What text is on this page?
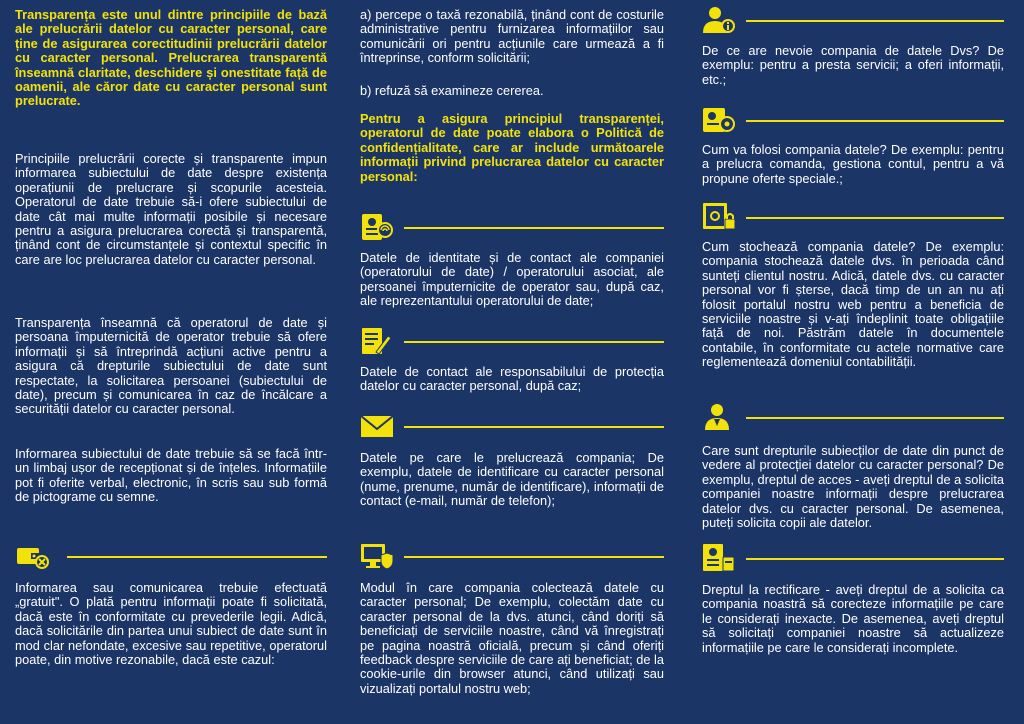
Transparența este unul dintre principiile de bază ale prelucrării datelor cu caracter personal, care ține de asigurarea corectitudinii prelucrării datelor cu caracter personal. Prelucrarea transparentă înseamnă claritate, deschidere și onestitate față de oamenii, ale căror date cu caracter personal sunt prelucrate.

Principiile prelucrării corecte și transparente impun informarea subiectului de date despre existența operațiunii de prelucrare și scopurile acesteia. Operatorul de date trebuie să-i ofere subiectului de date cât mai multe informații posibile și necesare pentru a asigura prelucrarea corectă și transparentă, ținând cont de circumstanțele și contextul specific în care are loc prelucrarea datelor cu caracter personal.

Transparența înseamnă că operatorul de date și persoana împuternicită de operator trebuie să ofere informații și să întreprindă acțiuni active pentru a asigura că drepturile subiectului de date sunt respectate, la solicitarea persoanei (subiectului de date), precum și comunicarea în caz de încălcare a securității datelor cu caracter personal.

Informarea subiectului de date trebuie să se facă într-un limbaj ușor de recepționat și de înțeles. Informațiile pot fi oferite verbal, electronic, în scris sau sub formă de pictograme cu semne.

Informarea sau comunicarea trebuie efectuată „gratuit". O plată pentru informații poate fi solicitată, dacă este în conformitate cu prevederile legii. Adică, dacă solicitările din partea unui subiect de date sunt în mod clar nefondate, excesive sau repetitive, operatorul poate, din motive rezonabile, dacă este cazul:

a) percepe o taxă rezonabilă, ținând cont de costurile administrative pentru furnizarea informațiilor sau comunicării ori pentru acțiunile care urmează a fi întreprinse, conform solicitării;

b) refuză să examineze cererea.

Pentru a asigura principiul transparenței, operatorul de date poate elabora o Politică de confidențialitate, care ar include următoarele informații privind prelucrarea datelor cu caracter personal:

Datele de identitate și de contact ale companiei (operatorului de date) / operatorului asociat, ale persoanei împuternicite de operator sau, după caz, ale reprezentantului operatorului de date;

Datele de contact ale responsabilului de protecția datelor cu caracter personal, după caz;

Datele pe care le prelucrează compania; De exemplu, datele de identificare cu caracter personal (nume, prenume, număr de identificare), informații de contact (e-mail, număr de telefon);

Modul în care compania colectează datele cu caracter personal; De exemplu, colectăm date cu caracter personal de la dvs. atunci, când doriți să beneficiați de serviciile noastre, când vă înregistrați pe pagina noastră oficială, precum și când oferiți feedback despre serviciile de care ați beneficiat; de la cookie-urile din browser atunci, când utilizați sau vizualizați portalul nostru web;

De ce are nevoie compania de datele Dvs? De exemplu: pentru a presta servicii; a oferi informații, etc.;

Cum va folosi compania datele? De exemplu: pentru a prelucra comanda, gestiona contul, pentru a vă propune oferte speciale.;

Cum stochează compania datele? De exemplu: compania stochează datele dvs. în perioada când sunteți clientul nostru. Adică, datele dvs. cu caracter personal vor fi șterse, dacă timp de un an nu ați folosit portalul nostru web pentru a beneficia de serviciile noastre și v-ați îndeplinit toate obligațiile față de noi. Păstrăm datele în documentele contabile, în conformitate cu actele normative care reglementează domeniul contabilității.

Care sunt drepturile subiecților de date din punct de vedere al protecției datelor cu caracter personal? De exemplu, dreptul de acces - aveți dreptul de a solicita companiei noastre informații despre prelucrarea datelor dvs. cu caracter personal. De asemenea, puteți solicita copii ale datelor.

Dreptul la rectificare - aveți dreptul de a solicita ca compania noastră să corecteze informațiile pe care le considerați inexacte. De asemenea, aveți dreptul să solicitați companiei noastre să actualizeze informațiile pe care le considerați incomplete.
